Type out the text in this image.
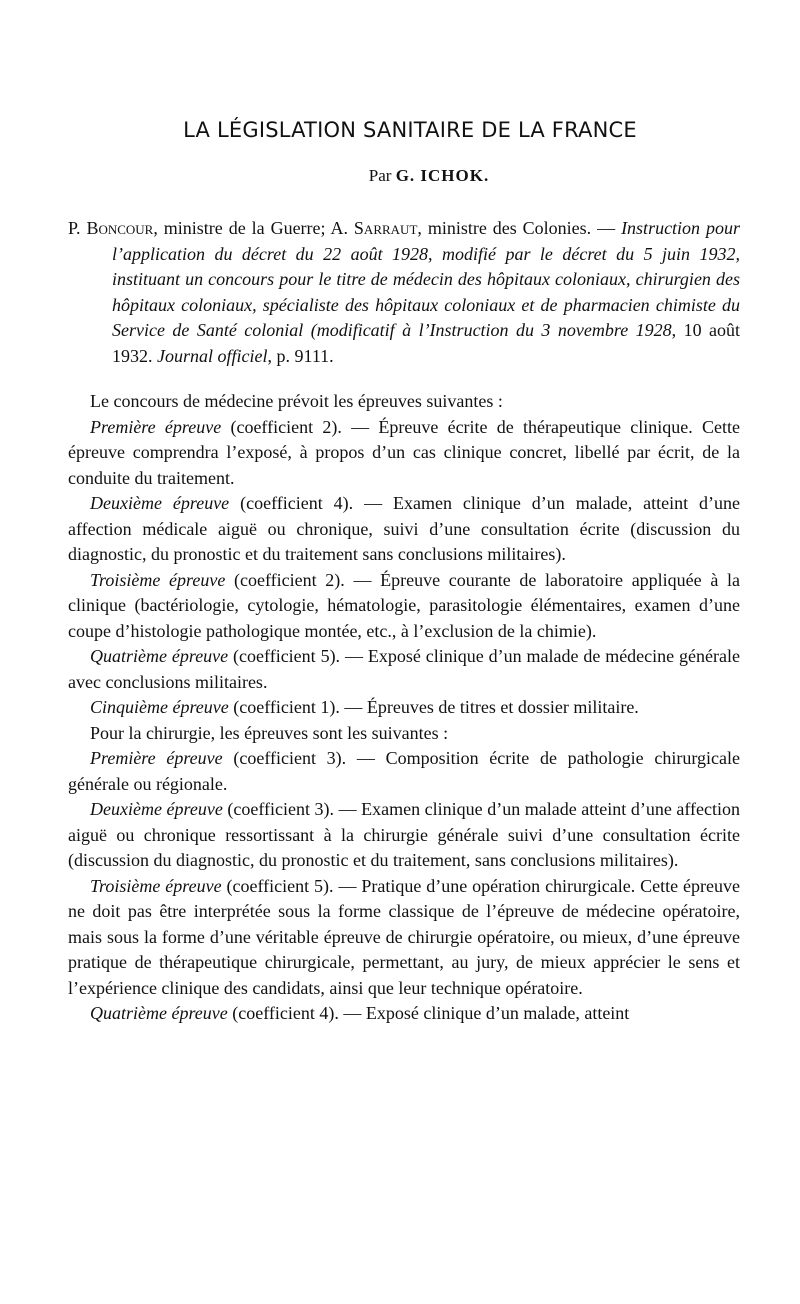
LA LÉGISLATION SANITAIRE DE LA FRANCE
Par G. ICHOK.

P. Boncour, ministre de la Guerre; A. Sarraut, ministre des Colonies. — Instruction pour l’application du décret du 22 août 1928, modifié par le décret du 5 juin 1932, instituant un concours pour le titre de médecin des hôpitaux coloniaux, chirurgien des hôpitaux coloniaux, spécialiste des hôpitaux coloniaux et de pharmacien chimiste du Service de Santé colonial (modificatif à l’Instruction du 3 novembre 1928, 10 août 1932. Journal officiel, p. 9111.

Le concours de médecine prévoit les épreuves suivantes :

Première épreuve (coefficient 2). — Épreuve écrite de thérapeutique clinique. Cette épreuve comprendra l’exposé, à propos d’un cas clinique concret, libellé par écrit, de la conduite du traitement.

Deuxième épreuve (coefficient 4). — Examen clinique d’un malade, atteint d’une affection médicale aiguë ou chronique, suivi d’une consultation écrite (discussion du diagnostic, du pronostic et du traitement sans conclusions militaires).

Troisième épreuve (coefficient 2). — Épreuve courante de laboratoire appliquée à la clinique (bactériologie, cytologie, hématologie, parasitologie élémentaires, examen d’une coupe d’histologie pathologique montée, etc., à l’exclusion de la chimie).

Quatrième épreuve (coefficient 5). — Exposé clinique d’un malade de médecine générale avec conclusions militaires.

Cinquième épreuve (coefficient 1). — Épreuves de titres et dossier militaire.

Pour la chirurgie, les épreuves sont les suivantes :

Première épreuve (coefficient 3). — Composition écrite de pathologie chirurgicale générale ou régionale.

Deuxième épreuve (coefficient 3). — Examen clinique d’un malade atteint d’une affection aiguë ou chronique ressortissant à la chirurgie générale suivi d’une consultation écrite (discussion du diagnostic, du pronostic et du traitement, sans conclusions militaires).

Troisième épreuve (coefficient 5). — Pratique d’une opération chirurgicale. Cette épreuve ne doit pas être interprétée sous la forme classique de l’épreuve de médecine opératoire, mais sous la forme d’une véritable épreuve de chirurgie opératoire, ou mieux, d’une épreuve pratique de thérapeutique chirurgicale, permettant, au jury, de mieux apprécier le sens et l’expérience clinique des candidats, ainsi que leur technique opératoire.

Quatrième épreuve (coefficient 4). — Exposé clinique d’un malade, atteint
